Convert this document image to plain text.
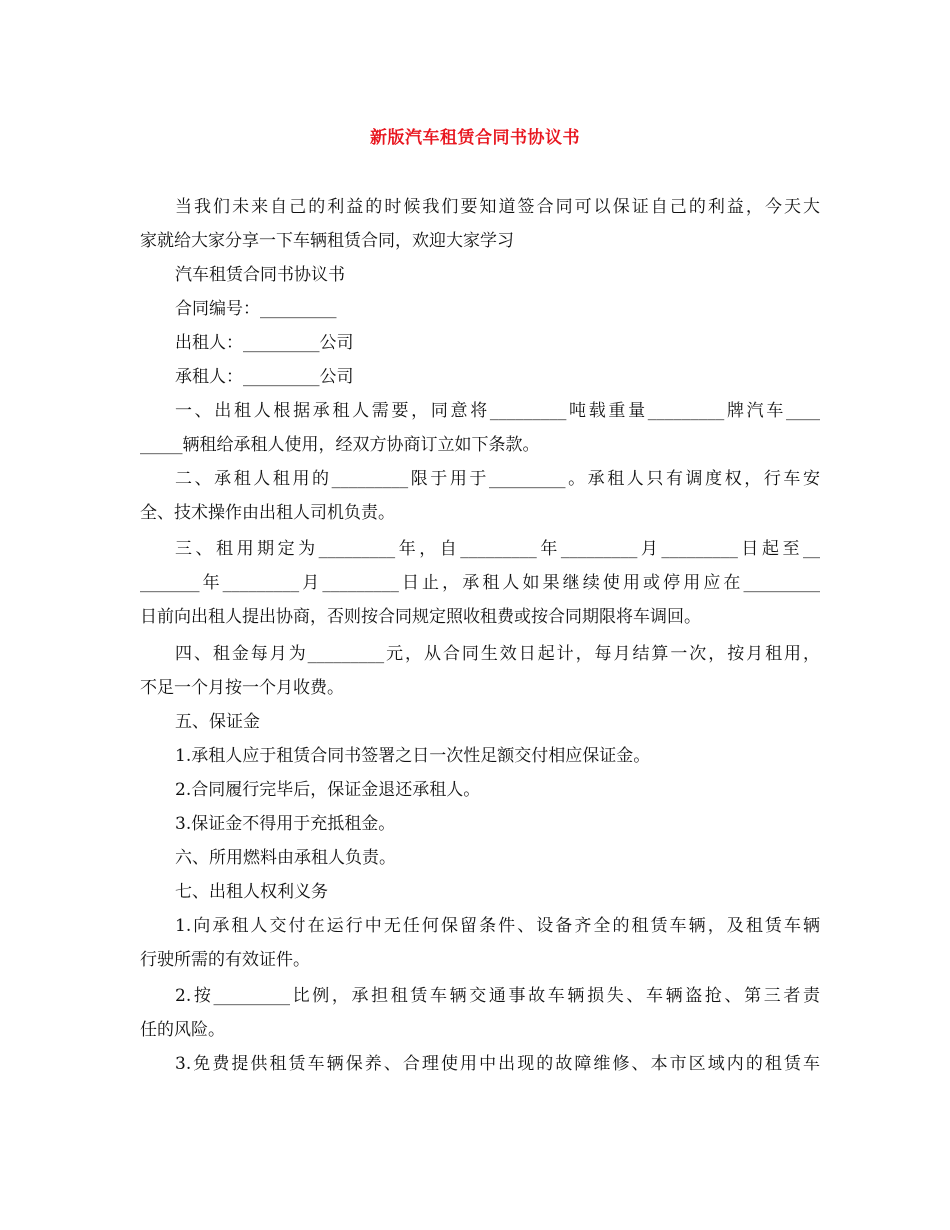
新版汽车租赁合同书协议书
当我们未来自己的利益的时候我们要知道签合同可以保证自己的利益，今天大
家就给大家分享一下车辆租赁合同，欢迎大家学习
汽车租赁合同书协议书
合同编号：_________
出租人：_________公司
承租人：_________公司
一、出租人根据承租人需要，同意将_________吨载重量_________牌汽车____
_____辆租给承租人使用，经双方协商订立如下条款。
二、承租人租用的_________限于用于_________。承租人只有调度权，行车安
全、技术操作由出租人司机负责。
三、租用期定为_________年，自_________年_________月_________日起至__
_______年_________月_________日止，承租人如果继续使用或停用应在_________
日前向出租人提出协商，否则按合同规定照收租费或按合同期限将车调回。
四、租金每月为_________元，从合同生效日起计，每月结算一次，按月租用，
不足一个月按一个月收费。
五、保证金
1.承租人应于租赁合同书签署之日一次性足额交付相应保证金。
2.合同履行完毕后，保证金退还承租人。
3.保证金不得用于充抵租金。
六、所用燃料由承租人负责。
七、出租人权利义务
1.向承租人交付在运行中无任何保留条件、设备齐全的租赁车辆，及租赁车辆
行驶所需的有效证件。
2.按_________比例，承担租赁车辆交通事故车辆损失、车辆盗抢、第三者责
任的风险。
3.免费提供租赁车辆保养、合理使用中出现的故障维修、本市区域内的租赁车
